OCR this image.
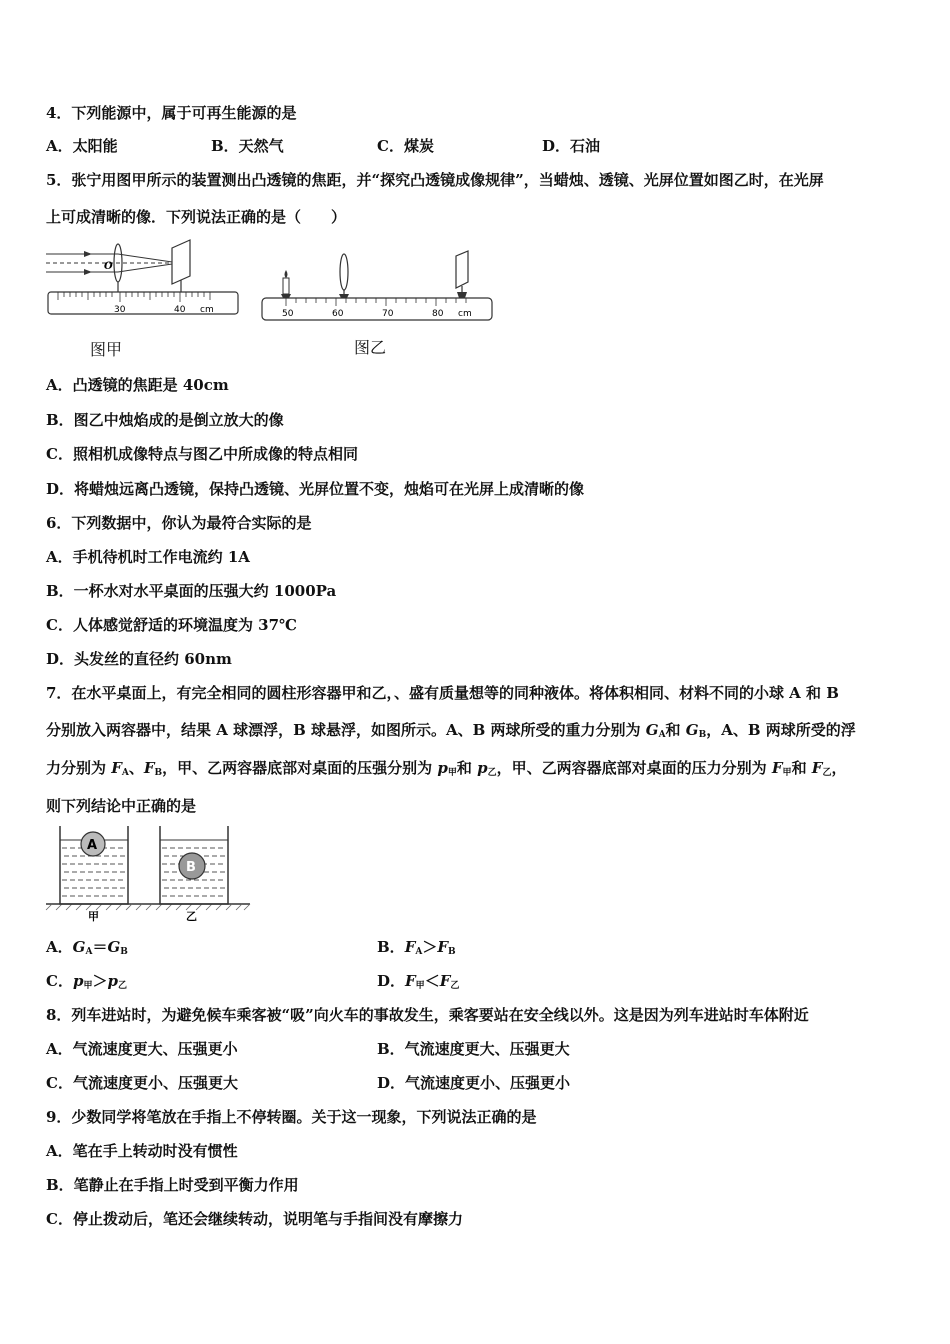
4．下列能源中，属于可再生能源的是
A．太阳能	B．天然气	C．煤炭	D．石油
5．张宁用图甲所示的装置测出凸透镜的焦距，并“探究凸透镜成像规律”，当蜡烛、透镜、光屏位置如图乙时，在光屏
上可成清晰的像．下列说法正确的是（　　）
O
30	40 cm
图甲
50	60	70	80 cm
图乙
A．凸透镜的焦距是 40cm
B．图乙中烛焰成的是倒立放大的像
C．照相机成像特点与图乙中所成像的特点相同
D．将蜡烛远离凸透镜，保持凸透镜、光屏位置不变，烛焰可在光屏上成清晰的像
6．下列数据中，你认为最符合实际的是
A．手机待机时工作电流约 1A
B．一杯水对水平桌面的压强大约 1000Pa
C．人体感觉舒适的环境温度为 37℃
D．头发丝的直径约 60nm
7．在水平桌面上，有完全相同的圆柱形容器甲和乙，、盛有质量想等的同种液体。将体积相同、材料不同的小球 A 和 B
分别放入两容器中，结果 A 球漂浮，B 球悬浮，如图所示。A、B 两球所受的重力分别为 $G_A$和 $G_B$，A、B 两球所受的浮
力分别为 $F_A$、$F_B$，甲、乙两容器底部对桌面的压强分别为 $p_甲$和 $p_乙$，甲、乙两容器底部对桌面的压力分别为 $F_甲$和 $F_乙$，
则下列结论中正确的是
A
B
甲	乙
A．$G_A=G_B$	B．$F_A>F_B$
C．$p_甲>p_乙$	D．$F_甲<F_乙$
8．列车进站时，为避免候车乘客被“吸”向火车的事故发生，乘客要站在安全线以外。这是因为列车进站时车体附近
A．气流速度更大、压强更小	B．气流速度更大、压强更大
C．气流速度更小、压强更大	D．气流速度更小、压强更小
9．少数同学将笔放在手指上不停转圈。关于这一现象，下列说法正确的是
A．笔在手上转动时没有惯性
B．笔静止在手指上时受到平衡力作用
C．停止拨动后，笔还会继续转动，说明笔与手指间没有摩擦力
